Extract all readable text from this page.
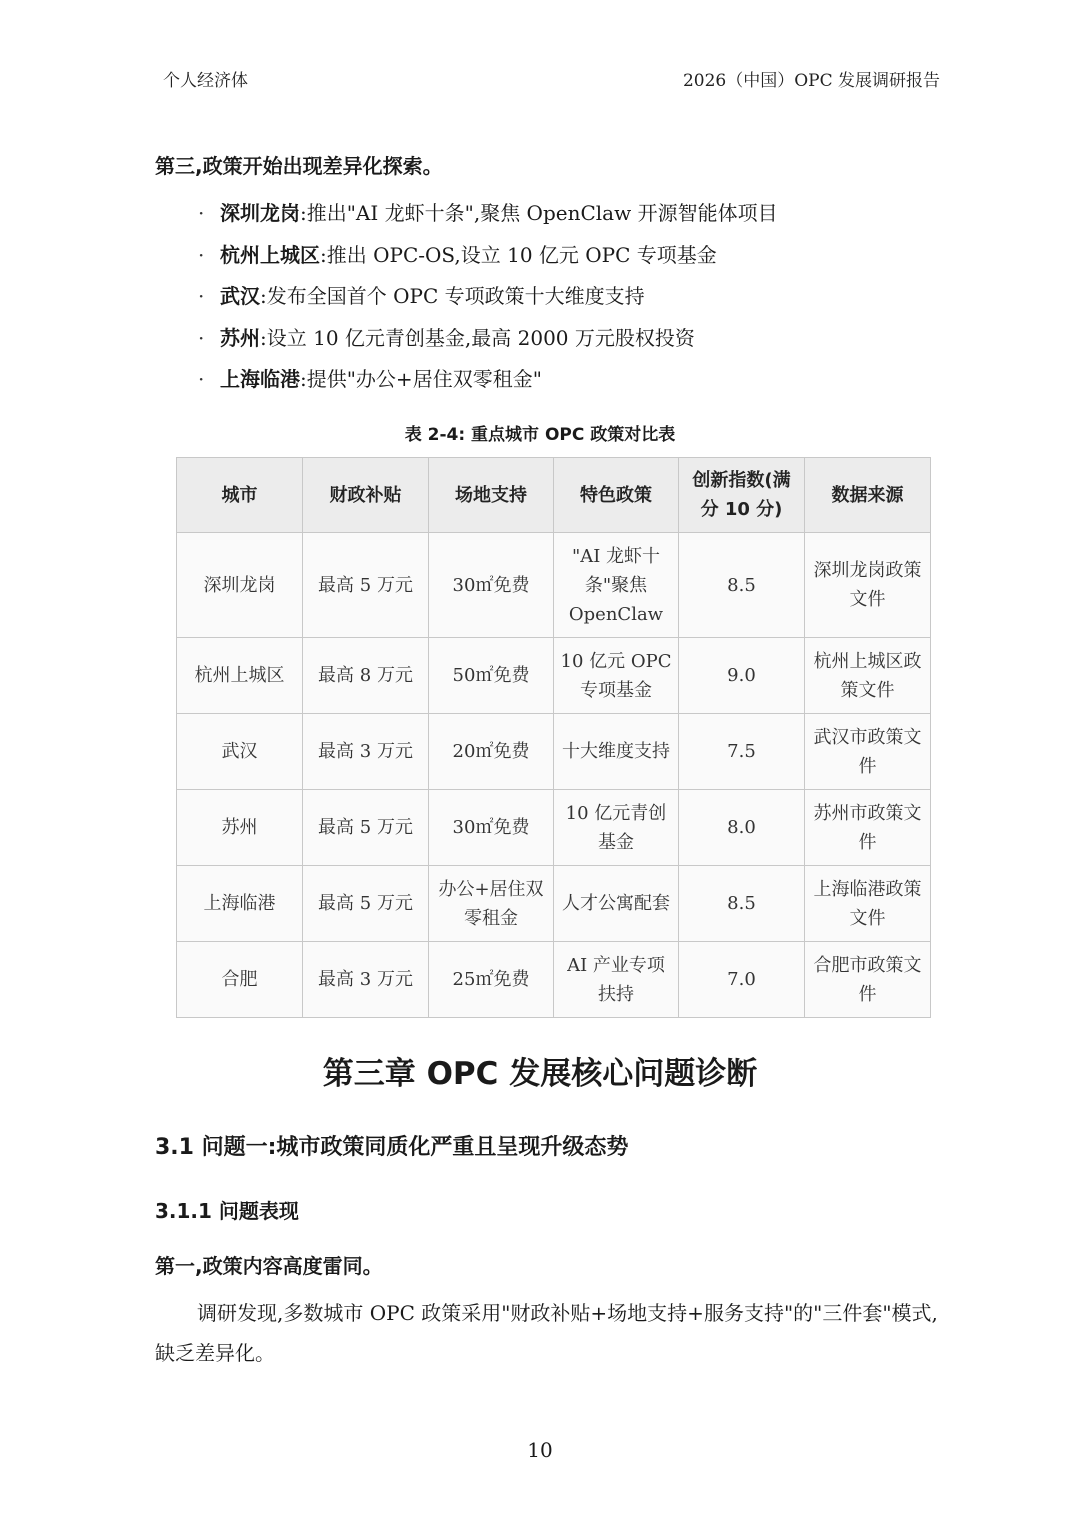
个人经济体	2026（中国）OPC 发展调研报告
第三,政策开始出现差异化探索。
· 深圳龙岗:推出"AI 龙虾十条",聚焦 OpenClaw 开源智能体项目
· 杭州上城区:推出 OPC-OS,设立 10 亿元 OPC 专项基金
· 武汉:发布全国首个 OPC 专项政策十大维度支持
· 苏州:设立 10 亿元青创基金,最高 2000 万元股权投资
· 上海临港:提供"办公+居住双零租金"
表 2-4: 重点城市 OPC 政策对比表
城市	财政补贴	场地支持	特色政策	创新指数(满分 10 分)	数据来源
深圳龙岗	最高 5 万元	30㎡免费	"AI 龙虾十条"聚焦 OpenClaw	8.5	深圳龙岗政策文件
杭州上城区	最高 8 万元	50㎡免费	10 亿元 OPC 专项基金	9.0	杭州上城区政策文件
武汉	最高 3 万元	20㎡免费	十大维度支持	7.5	武汉市政策文件
苏州	最高 5 万元	30㎡免费	10 亿元青创基金	8.0	苏州市政策文件
上海临港	最高 5 万元	办公+居住双零租金	人才公寓配套	8.5	上海临港政策文件
合肥	最高 3 万元	25㎡免费	AI 产业专项扶持	7.0	合肥市政策文件
第三章 OPC 发展核心问题诊断
3.1 问题一:城市政策同质化严重且呈现升级态势
3.1.1 问题表现
第一,政策内容高度雷同。

调研发现,多数城市 OPC 政策采用"财政补贴+场地支持+服务支持"的"三件套"模式,缺乏差异化。

10
